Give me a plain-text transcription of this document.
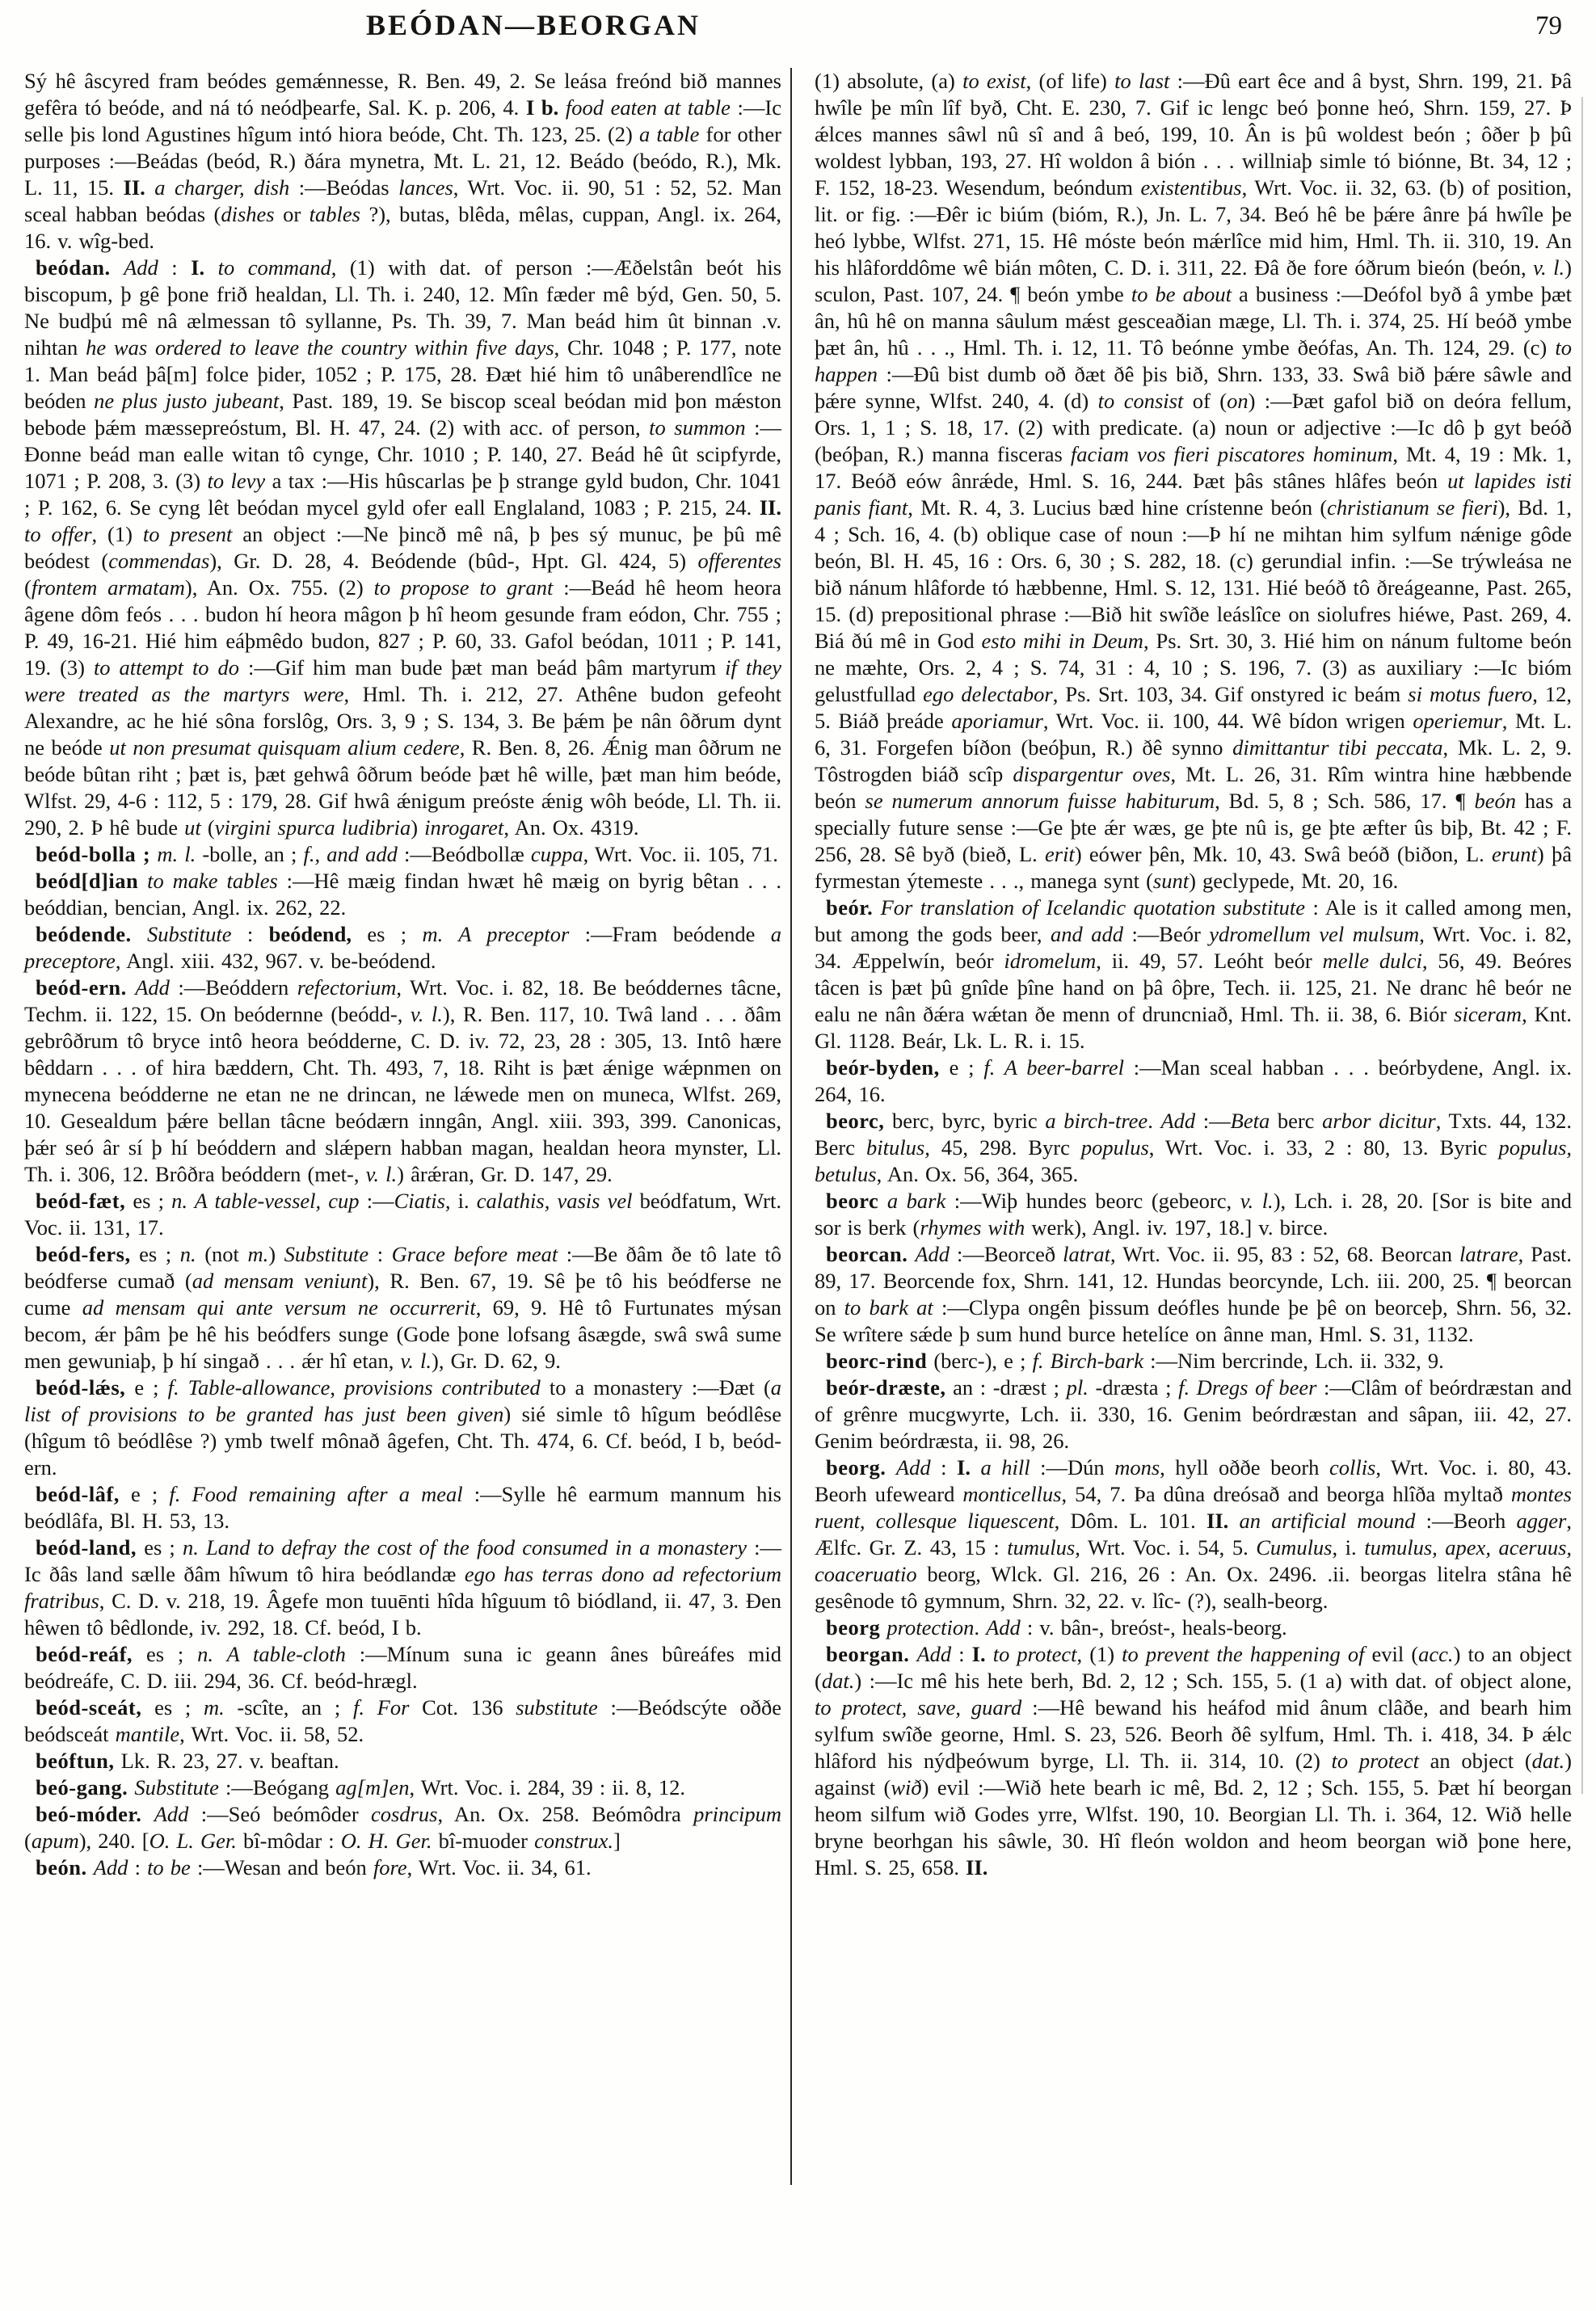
BEÓDAN—BEORGAN	79

Sý hê âscyred fram beódes gemǽnnesse, R. Ben. 49, 2. Se leása freónd bið mannes gefêra tó beóde, and ná tó neódþearfe, Sal. K. p. 206, 4. I b. food eaten at table :—Ic selle þis lond Agustines hîgum intó hiora beóde, Cht. Th. 123, 25. (2) a table for other purposes :—Beádas (beód, R.) ðára mynetra, Mt. L. 21, 12. Beádo (beódo, R.), Mk. L. 11, 15. II. a charger, dish :—Beódas lances, Wrt. Voc. ii. 90, 51 : 52, 52. Man sceal habban beódas (dishes or tables ?), butas, blêda, mêlas, cuppan, Angl. ix. 264, 16. v. wîg-bed.

beódan. Add : I. to command, (1) with dat. of person :—Æðelstân beót his biscopum, þ gê þone frið healdan, Ll. Th. i. 240, 12. Mîn fæder mê býd, Gen. 50, 5. Ne budþú mê nâ ælmessan tô syllanne, Ps. Th. 39, 7. Man beád him ût binnan .v. nihtan he was ordered to leave the country within five days, Chr. 1048 ; P. 177, note 1. Man beád þâ[m] folce þider, 1052 ; P. 175, 28. Ðæt hié him tô unâberendlîce ne beóden ne plus justo jubeant, Past. 189, 19. Se biscop sceal beódan mid þon mǽston bebode þǽm mæssepreóstum, Bl. H. 47, 24. (2) with acc. of person, to summon :—Ðonne beád man ealle witan tô cynge, Chr. 1010 ; P. 140, 27. Beád hê ût scipfyrde, 1071 ; P. 208, 3. (3) to levy a tax :—His hûscarlas þe þ strange gyld budon, Chr. 1041 ; P. 162, 6. Se cyng lêt beódan mycel gyld ofer eall Englaland, 1083 ; P. 215, 24. II. to offer, (1) to present an object :—Ne þincð mê nâ, þ þes sý munuc, þe þû mê beódest (commendas), Gr. D. 28, 4. Beódende (bûd-, Hpt. Gl. 424, 5) offerentes (frontem armatam), An. Ox. 755. (2) to propose to grant :—Beád hê heom heora âgene dôm feós . . . budon hí heora mâgon þ hî heom gesunde fram eódon, Chr. 755 ; P. 49, 16-21. Hié him eáþmêdo budon, 827 ; P. 60, 33. Gafol beódan, 1011 ; P. 141, 19. (3) to attempt to do :—Gif him man bude þæt man beád þâm martyrum if they were treated as the martyrs were, Hml. Th. i. 212, 27. Athêne budon gefeoht Alexandre, ac he hié sôna forslôg, Ors. 3, 9 ; S. 134, 3. Be þǽm þe nân ôðrum dynt ne beóde ut non presumat quisquam alium cedere, R. Ben. 8, 26. Ǽnig man ôðrum ne beóde bûtan riht ; þæt is, þæt gehwâ ôðrum beóde þæt hê wille, þæt man him beóde, Wlfst. 29, 4-6 : 112, 5 : 179, 28. Gif hwâ ǽnigum preóste ǽnig wôh beóde, Ll. Th. ii. 290, 2. Þ hê bude ut (virgini spurca ludibria) inrogaret, An. Ox. 4319.

beód-bolla ; m. l. -bolle, an ; f., and add :—Beódbollæ cuppa, Wrt. Voc. ii. 105, 71.

beód[d]ian to make tables :—Hê mæig findan hwæt hê mæig on byrig bêtan . . . beóddian, bencian, Angl. ix. 262, 22.

beódende. Substitute : beódend, es ; m. A preceptor :—Fram beódende a preceptore, Angl. xiii. 432, 967. v. be-beódend.

beód-ern. Add :—Beóddern refectorium, Wrt. Voc. i. 82, 18. Be beóddernes tâcne, Techm. ii. 122, 15. On beódernne (beódd-, v. l.), R. Ben. 117, 10. Twâ land . . . ðâm gebrôðrum tô bryce intô heora beódderne, C. D. iv. 72, 23, 28 : 305, 13. Intô hære bêddarn . . . of hira bæddern, Cht. Th. 493, 7, 18. Riht is þæt ǽnige wǽpnmen on mynecena beódderne ne etan ne ne drincan, ne lǽwede men on muneca, Wlfst. 269, 10. Gesealdum þǽre bellan tâcne beódærn inngân, Angl. xiii. 393, 399. Canonicas, þǽr seó âr sí þ hí beóddern and slǽpern habban magan, healdan heora mynster, Ll. Th. i. 306, 12. Brôðra beóddern (met-, v. l.) ârǽran, Gr. D. 147, 29.

beód-fæt, es ; n. A table-vessel, cup :—Ciatis, i. calathis, vasis vel beódfatum, Wrt. Voc. ii. 131, 17.

beód-fers, es ; n. (not m.) Substitute : Grace before meat :—Be ðâm ðe tô late tô beódferse cumað (ad mensam veniunt), R. Ben. 67, 19. Sê þe tô his beódferse ne cume ad mensam qui ante versum ne occurrerit, 69, 9. Hê tô Furtunates mýsan becom, ǽr þâm þe hê his beódfers sunge (Gode þone lofsang âsægde, swâ swâ sume men gewuniaþ, þ hí singað . . . ǽr hî etan, v. l.), Gr. D. 62, 9.

beód-lǽs, e ; f. Table-allowance, provisions contributed to a monastery :—Ðæt (a list of provisions to be granted has just been given) sié simle tô hîgum beódlêse (hîgum tô beódlêse ?) ymb twelf mônað âgefen, Cht. Th. 474, 6. Cf. beód, I b, beód-ern.

beód-lâf, e ; f. Food remaining after a meal :—Sylle hê earmum mannum his beódlâfa, Bl. H. 53, 13.

beód-land, es ; n. Land to defray the cost of the food consumed in a monastery :—Ic ðâs land sælle ðâm hîwum tô hira beódlandæ ego has terras dono ad refectorium fratribus, C. D. v. 218, 19. Âgefe mon tuuēnti hîda hîguum tô biódland, ii. 47, 3. Ðen hêwen tô bêdlonde, iv. 292, 18. Cf. beód, I b.

beód-reáf, es ; n. A table-cloth :—Mínum suna ic geann ânes bûreáfes mid beódreáfe, C. D. iii. 294, 36. Cf. beód-hrægl.

beód-sceát, es ; m. -scîte, an ; f. For Cot. 136 substitute :—Beódscýte oððe beódsceát mantile, Wrt. Voc. ii. 58, 52.

beóftun, Lk. R. 23, 27. v. beaftan.

beó-gang. Substitute :—Beógang ag[m]en, Wrt. Voc. i. 284, 39 : ii. 8, 12.

beó-móder. Add :—Seó beómôder cosdrus, An. Ox. 258. Beómôdra principum (apum), 240. [O. L. Ger. bî-môdar : O. H. Ger. bî-muoder construx.]

beón. Add : to be :—Wesan and beón fore, Wrt. Voc. ii. 34, 61.

(1) absolute, (a) to exist, (of life) to last :—Ðû eart êce and â byst, Shrn. 199, 21. Þâ hwîle þe mîn lîf byð, Cht. E. 230, 7. Gif ic lengc beó þonne heó, Shrn. 159, 27. Þ ǽlces mannes sâwl nû sî and â beó, 199, 10. Ân is þû woldest beón ; ôðer þ þû woldest lybban, 193, 27. Hî woldon â bión . . . willniaþ simle tó biónne, Bt. 34, 12 ; F. 152, 18-23. Wesendum, beóndum existentibus, Wrt. Voc. ii. 32, 63. (b) of position, lit. or fig. :—Ðêr ic biúm (bióm, R.), Jn. L. 7, 34. Beó hê be þǽre ânre þá hwîle þe heó lybbe, Wlfst. 271, 15. Hê móste beón mǽrlîce mid him, Hml. Th. ii. 310, 19. An his hlâforddôme wê bián môten, C. D. i. 311, 22. Ðâ ðe fore óðrum bieón (beón, v. l.) sculon, Past. 107, 24. ¶ beón ymbe to be about a business :—Deófol byð â ymbe þæt ân, hû hê on manna sâulum mǽst gesceaðian mæge, Ll. Th. i. 374, 25. Hí beóð ymbe þæt ân, hû . . ., Hml. Th. i. 12, 11. Tô beónne ymbe ðeófas, An. Th. 124, 29. (c) to happen :—Ðû bist dumb oð ðæt ðê þis bið, Shrn. 133, 33. Swâ bið þǽre sâwle and þǽre synne, Wlfst. 240, 4. (d) to consist of (on) :—Þæt gafol bið on deóra fellum, Ors. 1, 1 ; S. 18, 17. (2) with predicate. (a) noun or adjective :—Ic dô þ gyt beóð (beóþan, R.) manna fisceras faciam vos fieri piscatores hominum, Mt. 4, 19 : Mk. 1, 17. Beóð eów ânrǽde, Hml. S. 16, 244. Þæt þâs stânes hlâfes beón ut lapides isti panis fiant, Mt. R. 4, 3. Lucius bæd hine crístenne beón (christianum se fieri), Bd. 1, 4 ; Sch. 16, 4. (b) oblique case of noun :—Þ hí ne mihtan him sylfum nǽnige gôde beón, Bl. H. 45, 16 : Ors. 6, 30 ; S. 282, 18. (c) gerundial infin. :—Se trýwleása ne bið nánum hlâforde tó hæbbenne, Hml. S. 12, 131. Hié beóð tô ðreágeanne, Past. 265, 15. (d) prepositional phrase :—Bið hit swîðe leáslîce on siolufres hiéwe, Past. 269, 4. Biá ðú mê in God esto mihi in Deum, Ps. Srt. 30, 3. Hié him on nánum fultome beón ne mæhte, Ors. 2, 4 ; S. 74, 31 : 4, 10 ; S. 196, 7. (3) as auxiliary :—Ic bióm gelustfullad ego delectabor, Ps. Srt. 103, 34. Gif onstyred ic beám si motus fuero, 12, 5. Biáð þreáde aporiamur, Wrt. Voc. ii. 100, 44. Wê bídon wrigen operiemur, Mt. L. 6, 31. Forgefen bíðon (beóþun, R.) ðê synno dimittantur tibi peccata, Mk. L. 2, 9. Tôstrogden biáð scîp dispargentur oves, Mt. L. 26, 31. Rîm wintra hine hæbbende beón se numerum annorum fuisse habiturum, Bd. 5, 8 ; Sch. 586, 17. ¶ beón has a specially future sense :—Ge þte ǽr wæs, ge þte nû is, ge þte æfter ûs biþ, Bt. 42 ; F. 256, 28. Sê byð (bieð, L. erit) eówer þên, Mk. 10, 43. Swâ beóð (biðon, L. erunt) þâ fyrmestan ýtemeste . . ., manega synt (sunt) geclypede, Mt. 20, 16.

beór. For translation of Icelandic quotation substitute : Ale is it called among men, but among the gods beer, and add :—Beór ydromellum vel mulsum, Wrt. Voc. i. 82, 34. Æppelwín, beór idromelum, ii. 49, 57. Leóht beór melle dulci, 56, 49. Beóres tâcen is þæt þû gnîde þîne hand on þâ ôþre, Tech. ii. 125, 21. Ne dranc hê beór ne ealu ne nân ðǽra wǽtan ðe menn of druncniað, Hml. Th. ii. 38, 6. Biór siceram, Knt. Gl. 1128. Beár, Lk. L. R. i. 15.

beór-byden, e ; f. A beer-barrel :—Man sceal habban . . . beórbydene, Angl. ix. 264, 16.

beorc, berc, byrc, byric a birch-tree. Add :—Beta berc arbor dicitur, Txts. 44, 132. Berc bitulus, 45, 298. Byrc populus, Wrt. Voc. i. 33, 2 : 80, 13. Byric populus, betulus, An. Ox. 56, 364, 365.

beorc a bark :—Wiþ hundes beorc (gebeorc, v. l.), Lch. i. 28, 20. [Sor is bite and sor is berk (rhymes with werk), Angl. iv. 197, 18.] v. birce.

beorcan. Add :—Beorceð latrat, Wrt. Voc. ii. 95, 83 : 52, 68. Beorcan latrare, Past. 89, 17. Beorcende fox, Shrn. 141, 12. Hundas beorcynde, Lch. iii. 200, 25. ¶ beorcan on to bark at :—Clypa ongên þissum deófles hunde þe þê on beorceþ, Shrn. 56, 32. Se wrîtere sǽde þ sum hund burce hetelíce on ânne man, Hml. S. 31, 1132.

beorc-rind (berc-), e ; f. Birch-bark :—Nim bercrinde, Lch. ii. 332, 9.

beór-dræste, an : -dræst ; pl. -dræsta ; f. Dregs of beer :—Clâm of beórdræstan and of grênre mucgwyrte, Lch. ii. 330, 16. Genim beórdræstan and sâpan, iii. 42, 27. Genim beórdræsta, ii. 98, 26.

beorg. Add : I. a hill :—Dún mons, hyll oððe beorh collis, Wrt. Voc. i. 80, 43. Beorh ufeweard monticellus, 54, 7. Þa dûna dreósað and beorga hlîða myltað montes ruent, collesque liquescent, Dôm. L. 101. II. an artificial mound :—Beorh agger, Ælfc. Gr. Z. 43, 15 : tumulus, Wrt. Voc. i. 54, 5. Cumulus, i. tumulus, apex, aceruus, coaceruatio beorg, Wlck. Gl. 216, 26 : An. Ox. 2496. .ii. beorgas litelra stâna hê gesênode tô gymnum, Shrn. 32, 22. v. lîc- (?), sealh-beorg.

beorg protection. Add : v. bân-, breóst-, heals-beorg.

beorgan. Add : I. to protect, (1) to prevent the happening of evil (acc.) to an object (dat.) :—Ic mê his hete berh, Bd. 2, 12 ; Sch. 155, 5. (1 a) with dat. of object alone, to protect, save, guard :—Hê bewand his heáfod mid ânum clâðe, and bearh him sylfum swîðe georne, Hml. S. 23, 526. Beorh ðê sylfum, Hml. Th. i. 418, 34. Þ ǽlc hlâford his nýdþeówum byrge, Ll. Th. ii. 314, 10. (2) to protect an object (dat.) against (wið) evil :—Wið hete bearh ic mê, Bd. 2, 12 ; Sch. 155, 5. Þæt hí beorgan heom silfum wið Godes yrre, Wlfst. 190, 10. Beorgian Ll. Th. i. 364, 12. Wið helle bryne beorhgan his sâwle, 30. Hî fleón woldon and heom beorgan wið þone here, Hml. S. 25, 658. II.
